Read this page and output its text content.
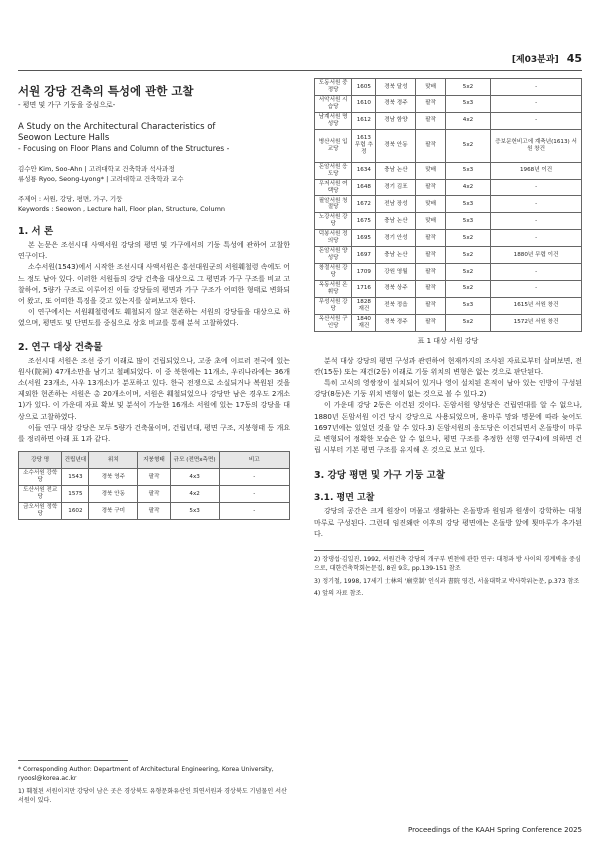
[제03분과] 45
서원 강당 건축의 특성에 관한 고찰
- 평면 및 가구 기둥을 중심으로-
A Study on the Architectural Characteristics of
Seowon Lecture Halls
- Focusing on Floor Plans and Column of the Structures -
김수안 Kim, Soo-Ahn | 고려대학교 건축학과 석사과정
류성룡 Ryoo, Seong-Lyong* | 고려대학교 건축학과 교수
주제어 : 서원, 강당, 평면, 가구, 기둥
Keywords : Seowon , Lecture hall, Floor plan, Structure, Column
1. 서 론

본 논문은 조선시대 사액서원 강당의 평면 및 가구에서의 기둥 특성에 관하여 고찰한 연구이다.

소수서원(1543)에서 시작한 조선시대 사액서원은 흥선대원군의 서원훼철령 속에도 어느 정도 남아 있다. 이러한 서원들의 강당 건축을 대상으로 그 평면과 가구 구조를 비교 고찰하여, 5량가 구조로 이루어진 이들 강당들의 평면과 가구 구조가 어떠한 형태로 변화되어 왔고, 또 어떠한 특징을 갖고 있는지를 살펴보고자 한다.

이 연구에서는 서원훼철령에도 훼철되지 않고 현존하는 서원의 강당들을 대상으로 하였으며, 평면도 및 단면도를 중심으로 상호 비교를 통해 분석 고찰하였다.

2. 연구 대상 건축물

조선시대 서원은 조선 중기 이래로 많이 건립되었으나, 고종 초에 이르러 전국에 있는 원사(院祠) 47개소만을 남기고 철폐되었다. 이 중 북한에는 11개소, 우리나라에는 36개소(서원 23개소, 사우 13개소)가 분포하고 있다. 한국 전쟁으로 소실되거나 복원된 것을 제외한 현존하는 서원은 총 20개소이며, 서원은 훼철되었으나 강당만 남은 경우도 2개소1)가 있다. 이 가운데 자료 확보 및 분석이 가능한 16개소 서원에 있는 17동의 강당을 대상으로 고찰하였다.

이들 연구 대상 강당은 모두 5량가 건축물이며, 건립년대, 평면 구조, 지붕형태 등 개요를 정리하면 아래 표 1과 같다.

강당 명	건립년대	위치	지붕형태	규모 (전면x측면)	비고
소수서원 강학당	1543	경북 영주	팔작	4x3	-
도산서원 전교당	1575	경북 안동	팔작	4x2	-
금오서원 정학당	1602	경북 구미	팔작	5x3	-
* Corresponding Author: Department of Architectural Engineering, Korea University, ryoosl@korea.ac.kr
1) 훼철된 서원이지만 강당이 남은 곳은 경상북도 유형문화유산인 희연서원과 경상북도 기념물인 서산서원이 있다.
도동서원 중정당	1605	경북 달성	맞배	5x2	-
서악서원 시습당	1610	경북 경주	팔작	5x3	-
남계서원 명성당	1612	경남 함양	팔작	4x2	-
병산서원 입교당	1613 무렵 추정	경북 안동	팔작	5x2	증보문헌비고에 계축년(1613) 서원 창건
돈암서원 응도당	1634	충남 논산	맞배	5x3	1968년 이건
우저서원 여택당	1648	경기 김포	팔작	4x2	-
필암서원 청절당	1672	전남 장성	맞배	5x3	-
노강서원 강당	1675	충남 논산	맞배	5x3	-
덕봉서원 정의당	1695	경기 안성	팔작	5x2	-
돈암서원 양성당	1697	충남 논산	팔작	5x2	1880년 무렵 이건
창절서원 강당	1709	강원 영월	팔작	5x2	-
옥동서원 온휘당	1716	경북 상주	팔작	5x2	-
무성서원 강당	1828 재건	전북 정읍	팔작	5x3	1615년 서원 창건
옥산서원 구인당	1840 재건	경북 경주	팔작	5x2	1572년 서원 창건
표 1 대상 서원 강당

분석 대상 강당의 평면 구성과 관련하여 현재까지의 조사된 자료로부터 살펴보면, 전칸(15동) 또는 재건(2동) 이래로 기둥 위치의 변형은 없는 것으로 판단된다.

특히 고식의 영쌍장이 설치되어 있거나 영이 설치된 흔적이 남아 있는 인방이 구성된 강당(8동)은 기둥 위치 변형이 없는 것으로 볼 수 있다.2)

이 가운데 강당 2동은 이건된 것이다. 돈암서원 양성당은 건립연대를 알 수 없으나, 1880년 돈암서원 이건 당시 강당으로 사용되었으며, 용마루 망와 명문에 따라 늦어도 1697년에는 있었던 것을 알 수 있다.3) 돈암서원의 응도당은 이건되면서 온돌방이 마루로 변형되어 정확한 모습은 알 수 없으나, 평면 구조를 추정한 선행 연구4)에 의하면 건립 시부터 기본 평면 구조를 유지해 온 것으로 보고 있다.

3. 강당 평면 및 가구 기둥 고찰
3.1. 평면 고찰

강당의 공간은 크게 원장이 머물고 생활하는 온돌방과 원임과 원생이 강학하는 대청마루로 구성된다. 그런데 임진왜란 이후의 강당 평면에는 온돌방 앞에 툇마루가 추가된다.

2) 장댕섭·김일진, 1992, 서원건축 강당의 개구부 변천에 관한 연구: 대청과 방 사이의 경계벽을 중심으로, 대한건축학회논문집, 8권 9호, pp.139-151 참조
3) 정기철, 1998, 17세기 士林의 '廟堂制' 인식과 書院 영건, 서울대학교 박사학위논문, p.373 참조
4) 앞의 자료 참조.
Proceedings of the KAAH Spring Conference 2025
